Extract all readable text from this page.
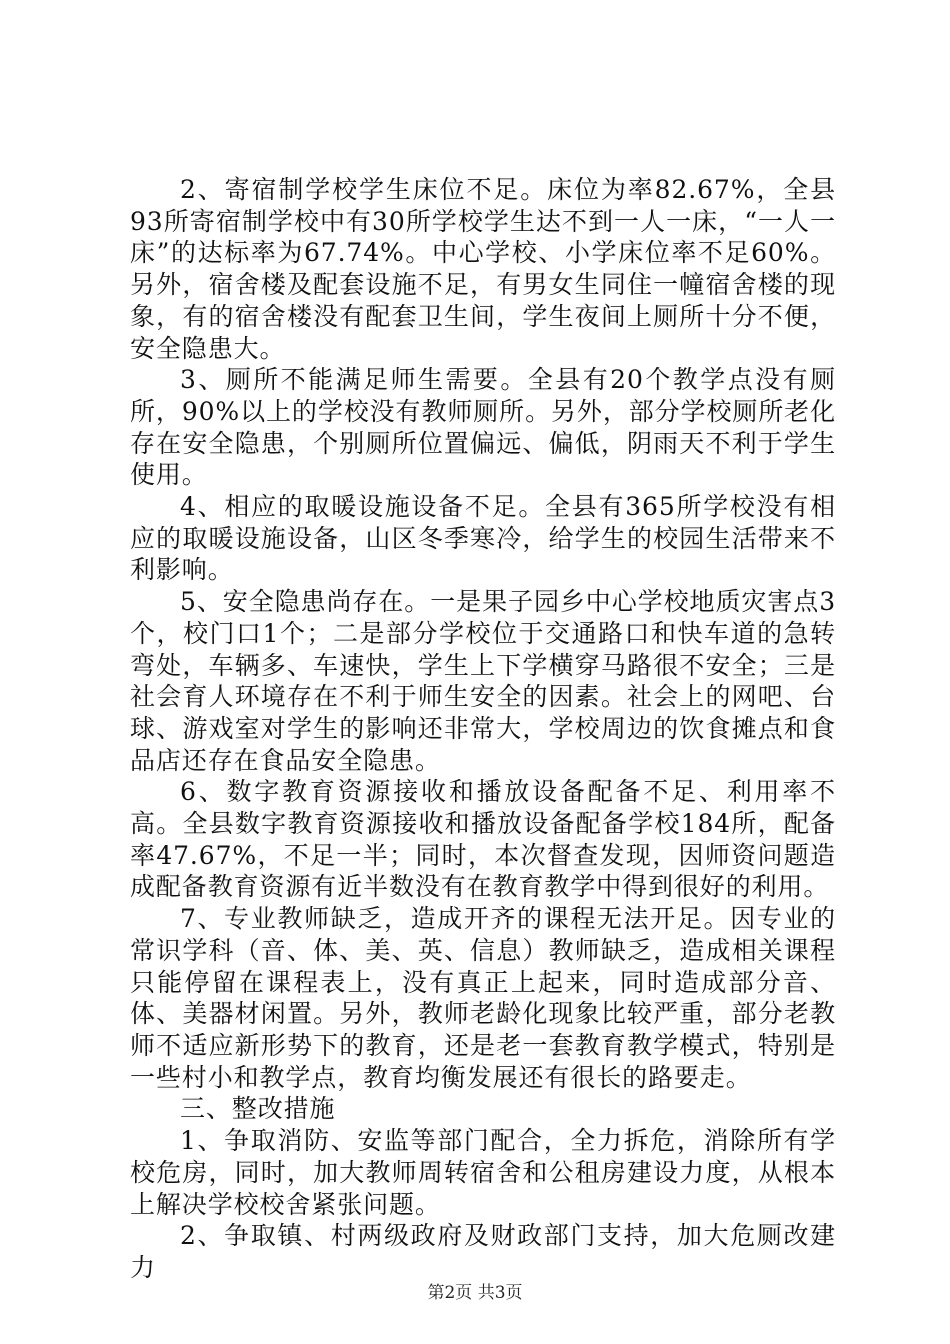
2、寄宿制学校学生床位不足。床位为率82.67%，全县93所寄宿制学校中有30所学校学生达不到一人一床，“一人一床”的达标率为67.74%。中心学校、小学床位率不足60%。另外，宿舍楼及配套设施不足，有男女生同住一幢宿舍楼的现象，有的宿舍楼没有配套卫生间，学生夜间上厕所十分不便，安全隐患大。

3、厕所不能满足师生需要。全县有20个教学点没有厕所，90%以上的学校没有教师厕所。另外，部分学校厕所老化存在安全隐患，个别厕所位置偏远、偏低，阴雨天不利于学生使用。

4、相应的取暖设施设备不足。全县有365所学校没有相应的取暖设施设备，山区冬季寒冷，给学生的校园生活带来不利影响。

5、安全隐患尚存在。一是果子园乡中心学校地质灾害点3个，校门口1个；二是部分学校位于交通路口和快车道的急转弯处，车辆多、车速快，学生上下学横穿马路很不安全；三是社会育人环境存在不利于师生安全的因素。社会上的网吧、台球、游戏室对学生的影响还非常大，学校周边的饮食摊点和食品店还存在食品安全隐患。

6、数字教育资源接收和播放设备配备不足、利用率不高。全县数字教育资源接收和播放设备配备学校184所，配备率47.67%，不足一半；同时，本次督查发现，因师资问题造成配备教育资源有近半数没有在教育教学中得到很好的利用。

7、专业教师缺乏，造成开齐的课程无法开足。因专业的常识学科（音、体、美、英、信息）教师缺乏，造成相关课程只能停留在课程表上，没有真正上起来，同时造成部分音、体、美器材闲置。另外，教师老龄化现象比较严重，部分老教师不适应新形势下的教育，还是老一套教育教学模式，特别是一些村小和教学点，教育均衡发展还有很长的路要走。

三、整改措施

1、争取消防、安监等部门配合，全力拆危，消除所有学校危房，同时，加大教师周转宿舍和公租房建设力度，从根本上解决学校校舍紧张问题。

2、争取镇、村两级政府及财政部门支持，加大危厕改建力

第2页 共3页
